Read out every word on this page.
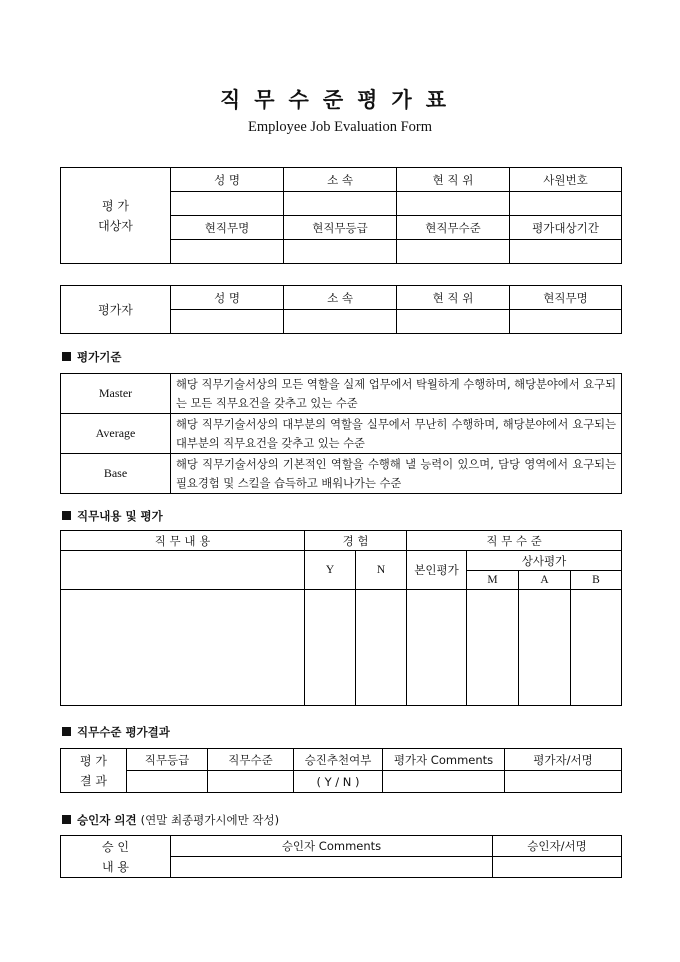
직무수준평가표
Employee Job Evaluation Form
평 가
대상자	성 명	소 속	현 직 위	사원번호

	현직무명	현직무등급	현직무수준	평가대상기간

평가자	성 명	소 속	현 직 위	현직무명

평가기준
Master	해당 직무기술서상의 모든 역할을 실제 업무에서 탁월하게 수행하며, 해당분야에서 요구되는 모든 직무요건을 갖추고 있는 수준
Average	해당 직무기술서상의 대부분의 역할을 실무에서 무난히 수행하며, 해당분야에서 요구되는 대부분의 직무요건을 갖추고 있는 수준
Base	해당 직무기술서상의 기본적인 역할을 수행해 낼 능력이 있으며, 담당 영역에서 요구되는 필요경험 및 스킬을 습득하고 배워나가는 수준
직무내용 및 평가
직 무 내 용	경 험		직 무 수 준			
	Y	N	본인평가	상사평가		
				M	A	B

직무수준 평가결과
평 가
결 과	직무등급	직무수준	승진추천여부	평가자 Comments	평가자/서명
			( Y / N )		
승인자 의견 (연말 최종평가시에만 작성)
승 인
내 용	승인자 Comments	승인자/서명
